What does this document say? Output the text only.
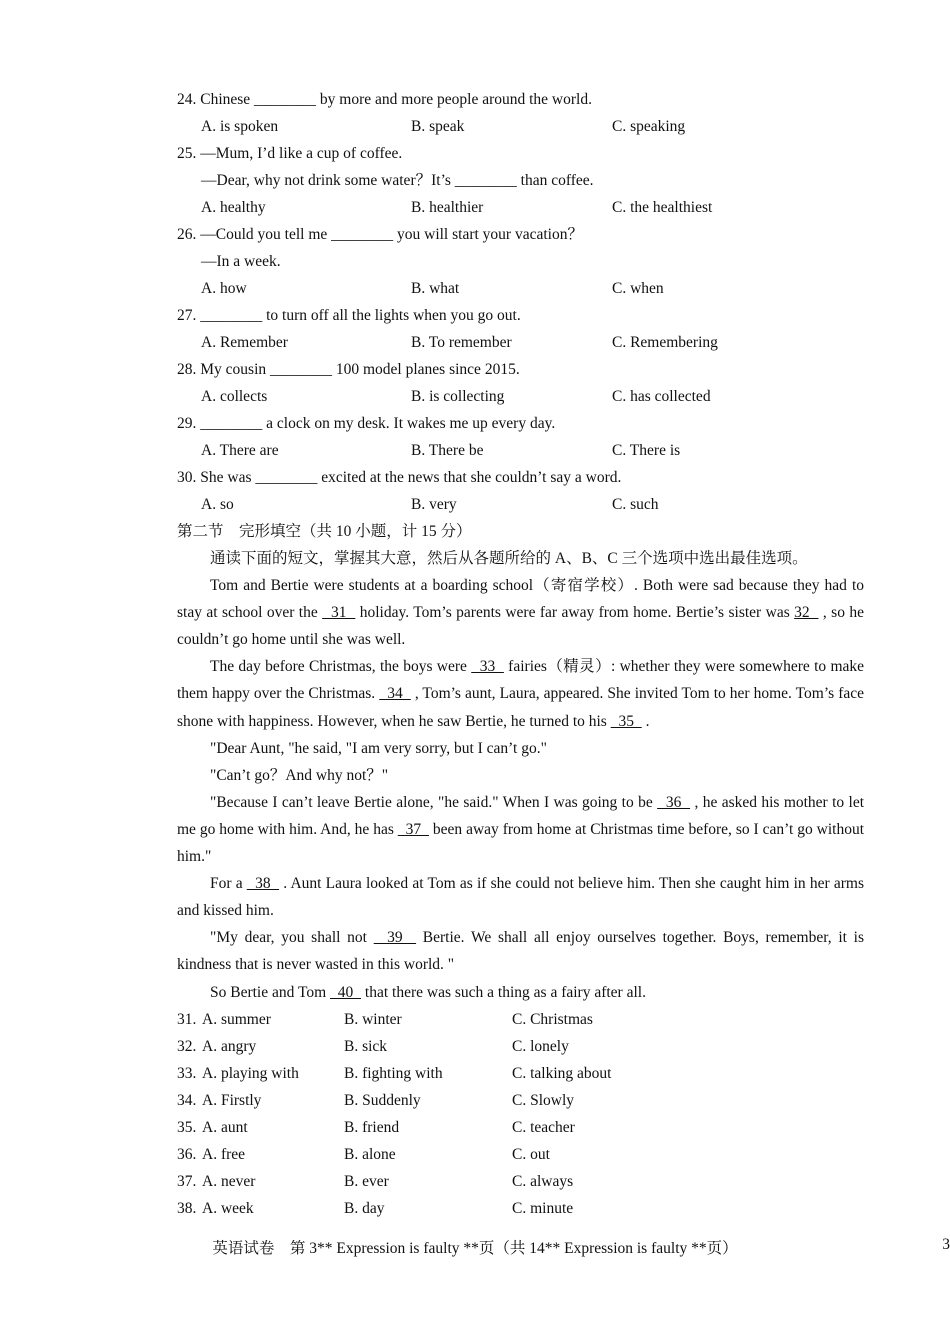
24. Chinese ________ by more and more people around the world.
A. is spoken	B. speak	C. speaking
25. —Mum, I’d like a cup of coffee.
—Dear, why not drink some water？It’s ________ than coffee.
A. healthy	B. healthier	C. the healthiest
26. —Could you tell me ________ you will start your vacation？
—In a week.
A. how	B. what	C. when
27. ________ to turn off all the lights when you go out.
A. Remember	B. To remember	C. Remembering
28. My cousin ________ 100 model planes since 2015.
A. collects	B. is collecting	C. has collected
29. ________ a clock on my desk. It wakes me up every day.
A. There are	B. There be	C. There is
30. She was ________ excited at the news that she couldn’t say a word.
A. so	B. very	C. such
第二节　完形填空（共 10 小题，计 15 分）

通读下面的短文，掌握其大意，然后从各题所给的 A、B、C 三个选项中选出最佳选项。

Tom and Bertie were students at a boarding school（寄宿学校）. Both were sad because they had to stay at school over the   31   holiday. Tom’s parents were far away from home. Bertie’s sister was 32   , so he couldn’t go home until she was well.

The day before Christmas, the boys were   33   fairies（精灵）: whether they were somewhere to make them happy over the Christmas.   34   , Tom’s aunt, Laura, appeared. She invited Tom to her home. Tom’s face shone with happiness. However, when he saw Bertie, he turned to his   35   .

"Dear Aunt, "he said, "I am very sorry, but I can’t go."

"Can’t go？And why not？"

"Because I can’t leave Bertie alone, "he said." When I was going to be   36   , he asked his mother to let me go home with him. And, he has   37   been away from home at Christmas time before, so I can’t go without him."

For a   38   . Aunt Laura looked at Tom as if she could not believe him. Then she caught him in her arms and kissed him.

"My dear, you shall not   39   Bertie. We shall all enjoy ourselves together. Boys, remember, it is kindness that is never wasted in this world. "

So Bertie and Tom   40   that there was such a thing as a fairy after all.

31. A. summer	B. winter	C. Christmas
32. A. angry	B. sick	C. lonely
33. A. playing with	B. fighting with	C. talking about
34. A. Firstly	B. Suddenly	C. Slowly
35. A. aunt	B. friend	C. teacher
36. A. free	B. alone	C. out
37. A. never	B. ever	C. always
38. A. week	B. day	C. minute
英语试卷　第 3** Expression is faulty **页（共 14** Expression is faulty **页）	3
